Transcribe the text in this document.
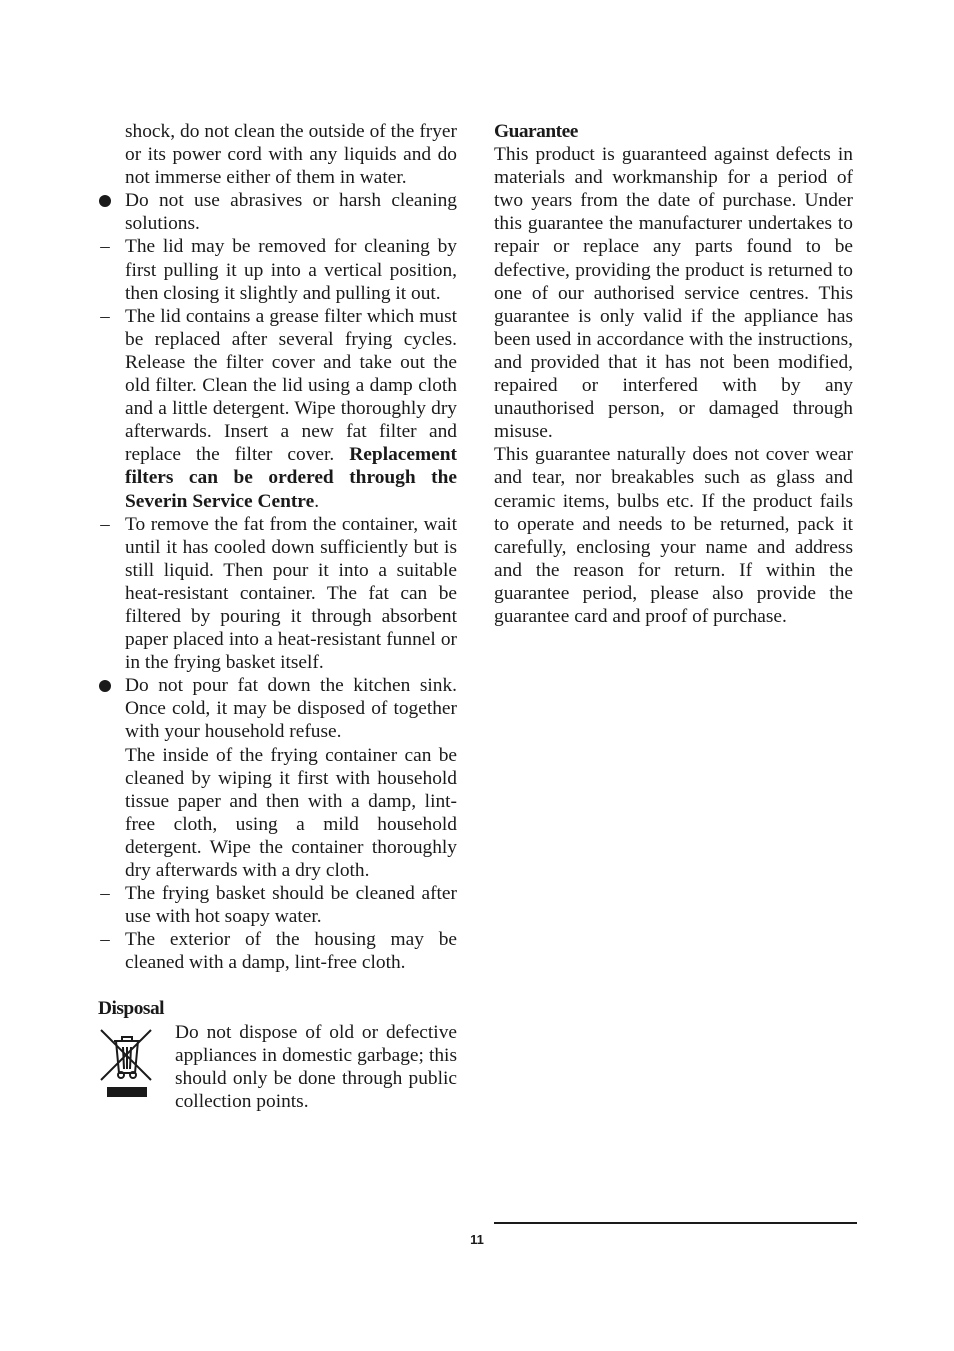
shock, do not clean the outside of the fryer or its power cord with any liquids and do not immerse either of them in water.

Do not use abrasives or harsh cleaning solutions.
– The lid may be removed for cleaning by first pulling it up into a vertical position, then closing it slightly and pulling it out.
– The lid contains a grease filter which must be replaced after several frying cycles. Release the filter cover and take out the old filter. Clean the lid using a damp cloth and a little detergent. Wipe thoroughly dry afterwards. Insert a new fat filter and replace the filter cover. Replacement filters can be ordered through the Severin Service Centre.
– To remove the fat from the container, wait until it has cooled down sufficiently but is still liquid. Then pour it into a suitable heat-resistant container. The fat can be filtered by pouring it through absorbent paper placed into a heat-resistant funnel or in the frying basket itself.
Do not pour fat down the kitchen sink. Once cold, it may be disposed of together with your household refuse.

The inside of the frying container can be cleaned by wiping it first with household tissue paper and then with a damp, lint-free cloth, using a mild household detergent. Wipe the container thoroughly dry afterwards with a dry cloth.

– The frying basket should be cleaned after use with hot soapy water.
– The exterior of the housing may be cleaned with a damp, lint-free cloth.

Disposal

Do not dispose of old or defective appliances in domestic garbage; this should only be done through public collection points.

Guarantee

This product is guaranteed against defects in materials and workmanship for a period of two years from the date of purchase. Under this guarantee the manufacturer undertakes to repair or replace any parts found to be defective, providing the product is returned to one of our authorised service centres. This guarantee is only valid if the appliance has been used in accordance with the instructions, and provided that it has not been modified, repaired or interfered with by any unauthorised person, or damaged through misuse.

This guarantee naturally does not cover wear and tear, nor breakables such as glass and ceramic items, bulbs etc. If the product fails to operate and needs to be returned, pack it carefully, enclosing your name and address and the reason for return. If within the guarantee period, please also provide the guarantee card and proof of purchase.

11
